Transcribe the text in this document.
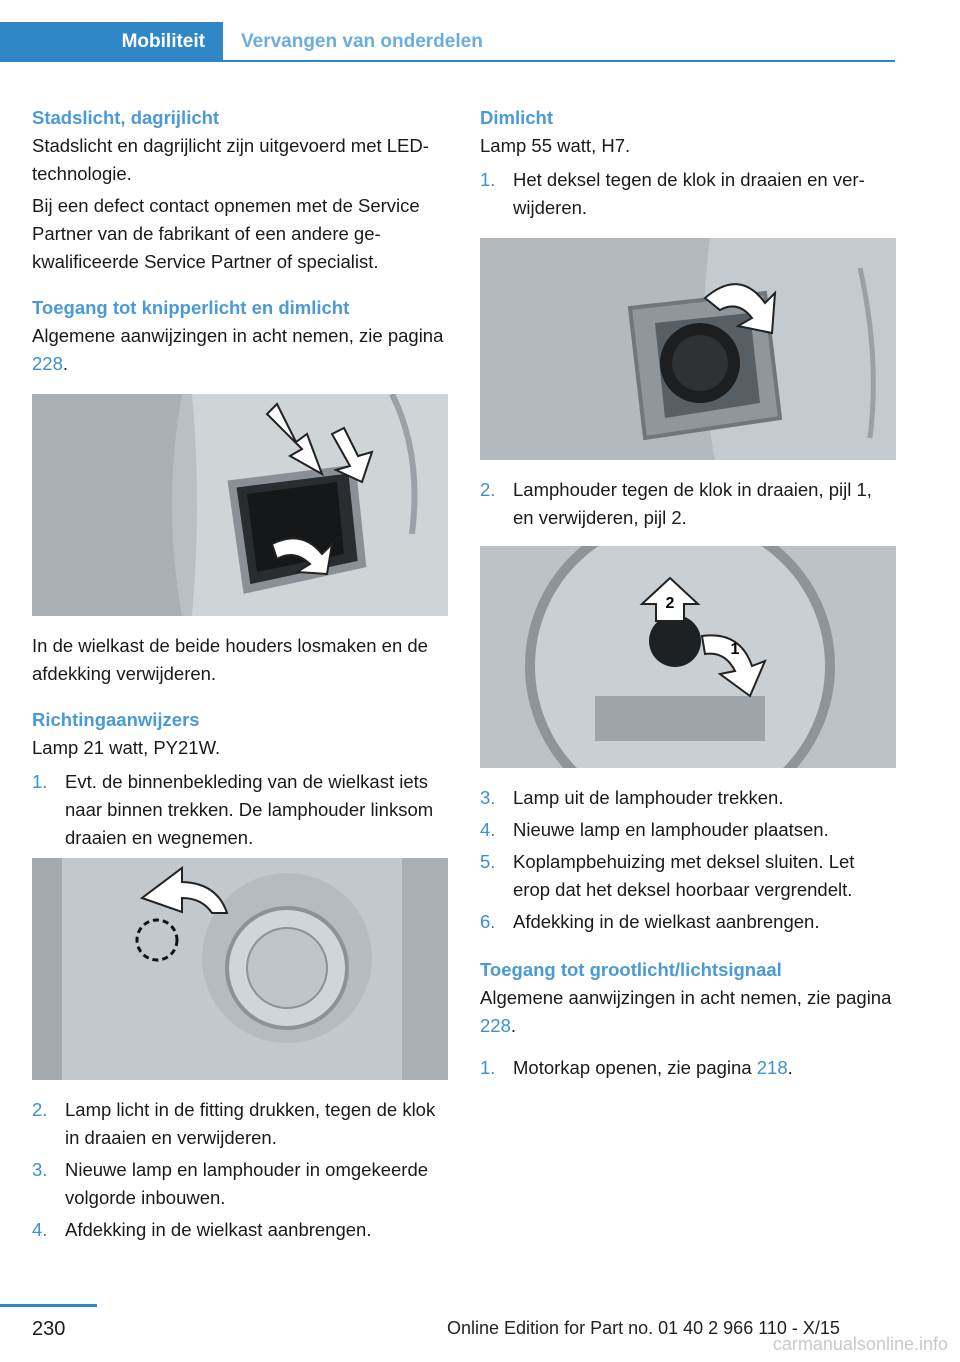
Mobiliteit	Vervangen van onderdelen
Stadslicht, dagrijlicht

Stadslicht en dagrijlicht zijn uitgevoerd met LED-technologie.

Bij een defect contact opnemen met de Service Partner van de fabrikant of een andere gekwalificeerde Service Partner of specialist.

Toegang tot knipperlicht en dimlicht

Algemene aanwijzingen in acht nemen, zie pagina 228.

In de wielkast de beide houders losmaken en de afdekking verwijderen.

Richtingaanwijzers

Lamp 21 watt, PY21W.

1. Evt. de binnenbekleding van de wielkast iets naar binnen trekken. De lamphouder linksom draaien en wegnemen.
2. Lamp licht in de fitting drukken, tegen de klok in draaien en verwijderen.
3. Nieuwe lamp en lamphouder in omgekeerde volgorde inbouwen.
4. Afdekking in de wielkast aanbrengen.
Dimlicht

Lamp 55 watt, H7.

1. Het deksel tegen de klok in draaien en verwijderen.
2. Lamphouder tegen de klok in draaien, pijl 1, en verwijderen, pijl 2.
2
1
3. Lamp uit de lamphouder trekken.
4. Nieuwe lamp en lamphouder plaatsen.
5. Koplampbehuizing met deksel sluiten. Let erop dat het deksel hoorbaar vergrendelt.
6. Afdekking in de wielkast aanbrengen.
Toegang tot grootlicht/lichtsignaal

Algemene aanwijzingen in acht nemen, zie pagina 228.

1. Motorkap openen, zie pagina 218.
230	Online Edition for Part no. 01 40 2 966 110 - X/15
carmanualsonline.info
